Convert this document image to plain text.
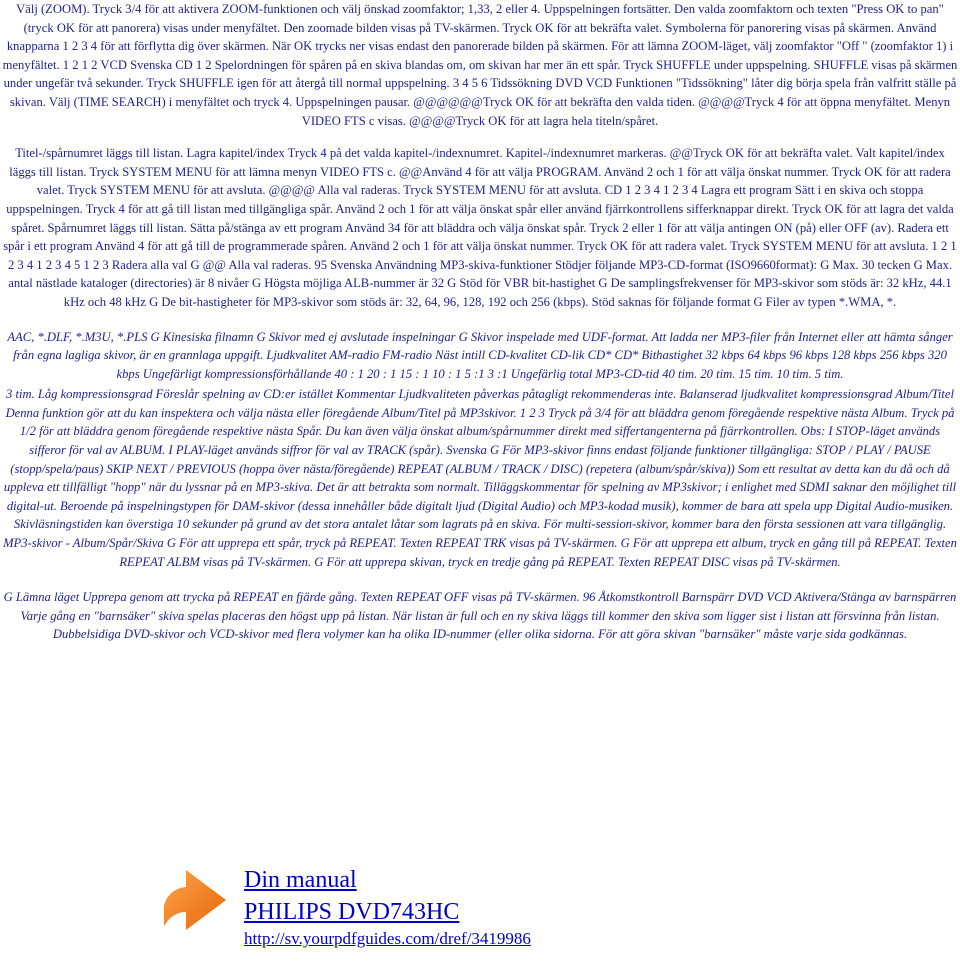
Välj (ZOOM). Tryck 3/4 för att aktivera ZOOM-funktionen och välj önskad zoomfaktor; 1,33, 2 eller 4. Uppspelningen fortsätter. Den valda zoomfaktorn och texten "Press OK to pan" (tryck OK för att panorera) visas under menyfältet. Den zoomade bilden visas på TV-skärmen. Tryck OK för att bekräfta valet. Symbolerna för panorering visas på skärmen. Använd knapparna 1 2 3 4 för att förflytta dig över skärmen. När OK trycks ner visas endast den panorerade bilden på skärmen. För att lämna ZOOM-läget, välj zoomfaktor "Off " (zoomfaktor 1) i menyfältet. 1 2 1 2 VCD Svenska CD 1 2 Spelordningen för spåren på en skiva blandas om, om skivan har mer än ett spår. Tryck SHUFFLE under uppspelning. SHUFFLE visas på skärmen under ungefär två sekunder. Tryck SHUFFLE igen för att återgå till normal uppspelning. 3 4 5 6 Tidssökning DVD VCD Funktionen "Tidssökning" låter dig börja spela från valfritt ställe på skivan. Välj (TIME SEARCH) i menyfältet och tryck 4. Uppspelningen pausar. @@@@@@Tryck OK för att bekräfta den valda tiden. @@@@Tryck 4 för att öppna menyfältet. Menyn VIDEO FTS c visas. @@@@Tryck OK för att lagra hela titeln/spåret.

Titel-/spårnumret läggs till listan. Lagra kapitel/index Tryck 4 på det valda kapitel-/indexnumret. Kapitel-/indexnumret markeras. @@Tryck OK för att bekräfta valet. Valt kapitel/index läggs till listan. Tryck SYSTEM MENU för att lämna menyn VIDEO FTS c. @@Använd 4 för att välja PROGRAM. Använd 2 och 1 för att välja önskat nummer. Tryck OK för att radera valet. Tryck SYSTEM MENU för att avsluta. @@@@ Alla val raderas. Tryck SYSTEM MENU för att avsluta. CD 1 2 3 4 1 2 3 4 Lagra ett program Sätt i en skiva och stoppa uppspelningen. Tryck 4 för att gå till listan med tillgängliga spår. Använd 2 och 1 för att välja önskat spår eller använd fjärrkontrollens sifferknappar direkt. Tryck OK för att lagra det valda spåret. Spårnumret läggs till listan. Sätta på/stänga av ett program Använd 34 för att bläddra och välja önskat spår. Tryck 2 eller 1 för att välja antingen ON (på) eller OFF (av). Radera ett spår i ett program Använd 4 för att gå till de programmerade spåren. Använd 2 och 1 för att välja önskat nummer. Tryck OK för att radera valet. Tryck SYSTEM MENU för att avsluta. 1 2 1 2 3 4 1 2 3 4 5 1 2 3 Radera alla val G @@ Alla val raderas. 95 Svenska Användning MP3-skiva-funktioner Stödjer följande MP3-CD-format (ISO9660format): G Max. 30 tecken G Max. antal nästlade kataloger (directories) är 8 nivåer G Högsta möjliga ALB-nummer är 32 G Stöd för VBR bit-hastighet G De samplingsfrekvenser för MP3-skivor som stöds är: 32 kHz, 44.1 kHz och 48 kHz G De bit-hastigheter för MP3-skivor som stöds är: 32, 64, 96, 128, 192 och 256 (kbps). Stöd saknas för följande format G Filer av typen *.WMA, *.

AAC, *.DLF, *.M3U, *.PLS G Kinesiska filnamn G Skivor med ej avslutade inspelningar G Skivor inspelade med UDF-format. Att ladda ner MP3-filer från Internet eller att hämta sånger från egna lagliga skivor, är en grannlaga uppgift. Ljudkvalitet AM-radio FM-radio Näst intill CD-kvalitet CD-lik CD* CD* Bithastighet 32 kbps 64 kbps 96 kbps 128 kbps 256 kbps 320 kbps Ungefärligt kompressionsförhållande 40 : 1 20 : 1 15 : 1 10 : 1 5 :1 3 :1 Ungefärlig total MP3-CD-tid 40 tim. 20 tim. 15 tim. 10 tim. 5 tim.

3 tim. Låg kompressionsgrad Föreslår spelning av CD:er istället Kommentar Ljudkvaliteten påverkas påtagligt rekommenderas inte. Balanserad ljudkvalitet kompressionsgrad Album/Titel Denna funktion gör att du kan inspektera och välja nästa eller föregående Album/Titel på MP3skivor. 1 2 3 Tryck på 3/4 för att bläddra genom föregående respektive nästa Album. Tryck på 1/2 för att bläddra genom föregående respektive nästa Spår. Du kan även välja önskat album/spårnummer direkt med siffertangenterna på fjärrkontrollen. Obs: I STOP-läget används sifferor för val av ALBUM. I PLAY-läget används siffror för val av TRACK (spår). Svenska G För MP3-skivor finns endast följande funktioner tillgängliga: STOP / PLAY / PAUSE (stopp/spela/paus) SKIP NEXT / PREVIOUS (hoppa över nästa/föregående) REPEAT (ALBUM / TRACK / DISC) (repetera (album/spår/skiva)) Som ett resultat av detta kan du då och då uppleva ett tillfälligt "hopp" när du lyssnar på en MP3-skiva. Det är att betrakta som normalt. Tilläggskommentar för spelning av MP3skivor; i enlighet med SDMI saknar den möjlighet till digital-ut. Beroende på inspelningstypen för DAM-skivor (dessa innehåller både digitalt ljud (Digital Audio) och MP3-kodad musik), kommer de bara att spela upp Digital Audio-musiken. Skivläsningstiden kan överstiga 10 sekunder på grund av det stora antalet låtar som lagrats på en skiva. För multi-session-skivor, kommer bara den första sessionen att vara tillgänglig. MP3-skivor - Album/Spår/Skiva G För att upprepa ett spår, tryck på REPEAT. Texten REPEAT TRK visas på TV-skärmen. G För att upprepa ett album, tryck en gång till på REPEAT. Texten REPEAT ALBM visas på TV-skärmen. G För att upprepa skivan, tryck en tredje gång på REPEAT. Texten REPEAT DISC visas på TV-skärmen.

G Lämna läget Upprepa genom att trycka på REPEAT en fjärde gång. Texten REPEAT OFF visas på TV-skärmen. 96 Åtkomstkontroll Barnspärr DVD VCD Aktivera/Stänga av barnspärren Varje gång en "barnsäker" skiva spelas placeras den högst upp på listan. När listan är full och en ny skiva läggs till kommer den skiva som ligger sist i listan att försvinna från listan. Dubbelsidiga DVD-skivor och VCD-skivor med flera volymer kan ha olika ID-nummer (eller olika sidorna. För att göra skivan "barnsäker" måste varje sida godkännas.

Din manual
PHILIPS DVD743HC
http://sv.yourpdfguides.com/dref/3419986
